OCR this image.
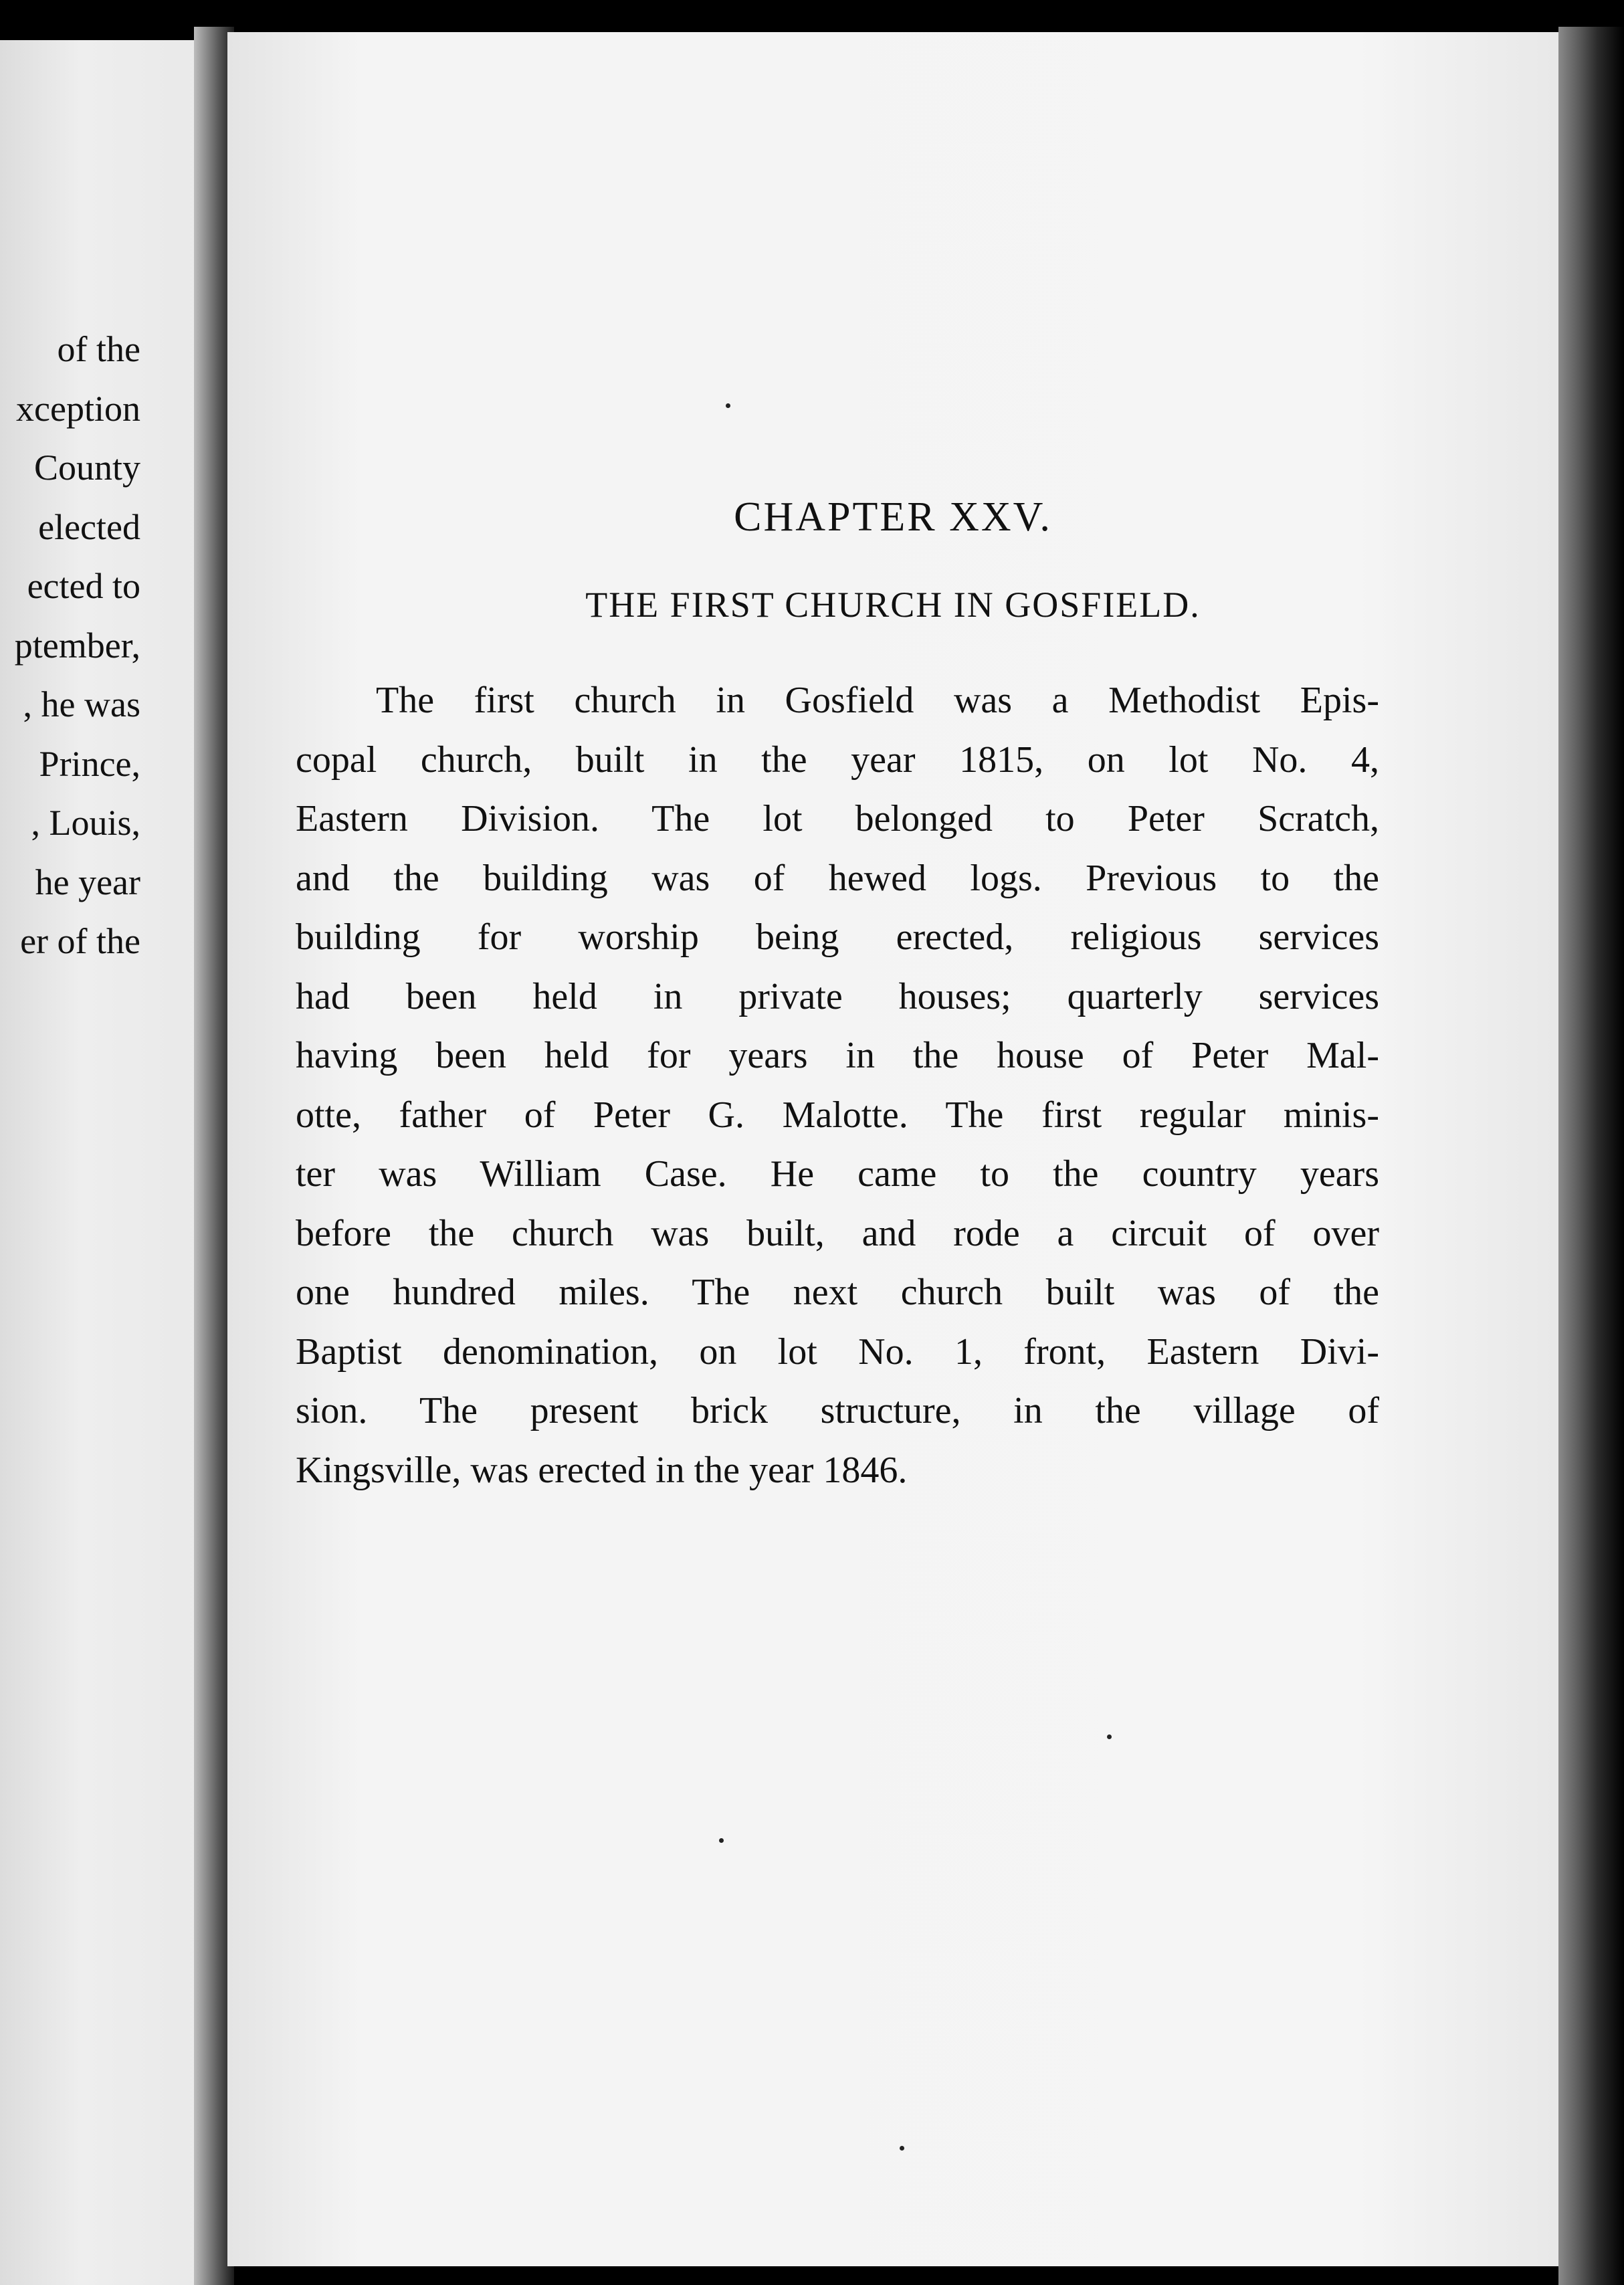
of the
xception
County
elected
ected to
ptember,
, he was
Prince,
, Louis,
he year
er of the
CHAPTER XXV.
THE FIRST CHURCH IN GOSFIELD.
The first church in Gosfield was a Methodist Epis-
copal church, built in the year 1815, on lot No. 4,
Eastern Division. The lot belonged to Peter Scratch,
and the building was of hewed logs. Previous to the
building for worship being erected, religious services
had been held in private houses; quarterly services
having been held for years in the house of Peter Mal-
otte, father of Peter G. Malotte. The first regular minis-
ter was William Case. He came to the country years
before the church was built, and rode a circuit of over
one hundred miles. The next church built was of the
Baptist denomination, on lot No. 1, front, Eastern Divi-
sion. The present brick structure, in the village of
Kingsville, was erected in the year 1846.
